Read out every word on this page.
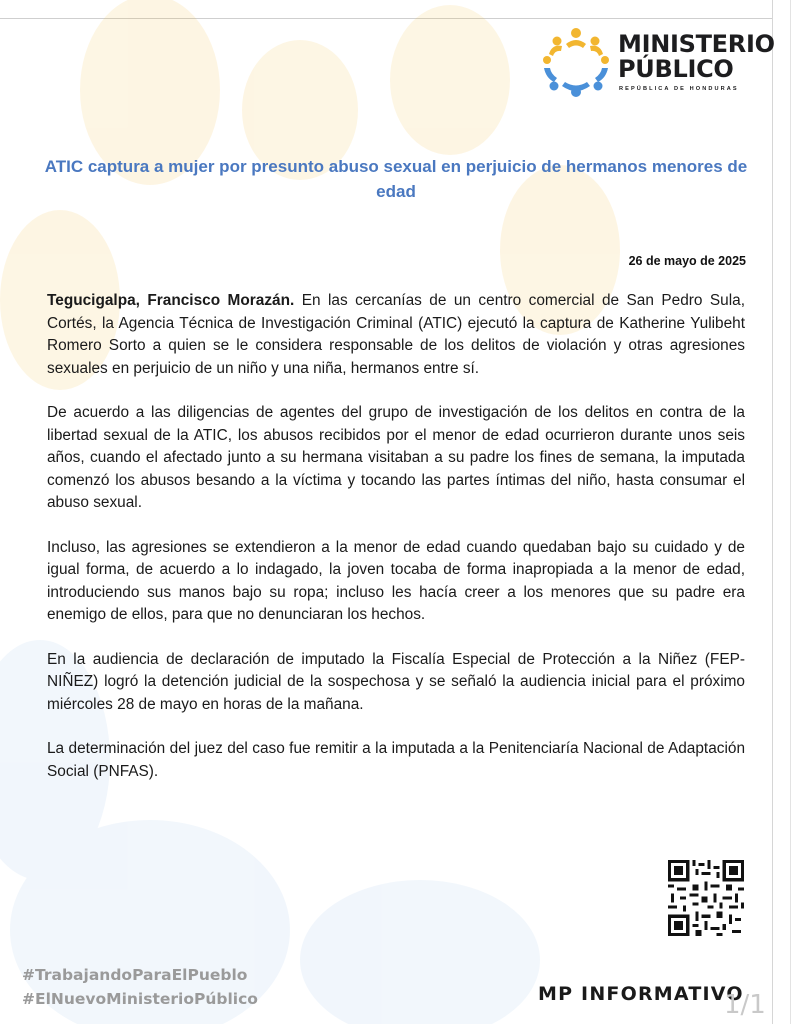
MINISTERIO
PÚBLICO
REPÚBLICA DE HONDURAS
ATIC captura a mujer por presunto abuso sexual en perjuicio de hermanos menores de edad
26 de mayo de 2025

Tegucigalpa, Francisco Morazán. En las cercanías de un centro comercial de San Pedro Sula, Cortés, la Agencia Técnica de Investigación Criminal (ATIC) ejecutó la captura de Katherine Yulibeht Romero Sorto a quien se le considera responsable de los delitos de violación y otras agresiones sexuales en perjuicio de un niño y una niña, hermanos entre sí.

De acuerdo a las diligencias de agentes del grupo de investigación de los delitos en contra de la libertad sexual de la ATIC, los abusos recibidos por el menor de edad ocurrieron durante unos seis años, cuando el afectado junto a su hermana visitaban a su padre los fines de semana, la imputada comenzó los abusos besando a la víctima y tocando las partes íntimas del niño, hasta consumar el abuso sexual.

Incluso, las agresiones se extendieron a la menor de edad cuando quedaban bajo su cuidado y de igual forma, de acuerdo a lo indagado, la joven tocaba de forma inapropiada a la menor de edad, introduciendo sus manos bajo su ropa; incluso les hacía creer a los menores que su padre era enemigo de ellos, para que no denunciaran los hechos.

En la audiencia de declaración de imputado la Fiscalía Especial de Protección a la Niñez (FEP-NIÑEZ) logró la detención judicial de la sospechosa y se señaló la audiencia inicial para el próximo miércoles 28 de mayo en horas de la mañana.

La determinación del juez del caso fue remitir a la imputada a la Penitenciaría Nacional de Adaptación Social (PNFAS).

#TrabajandoParaElPueblo
#ElNuevoMinisterioPúblico	MP INFORMATIVO
1/1
